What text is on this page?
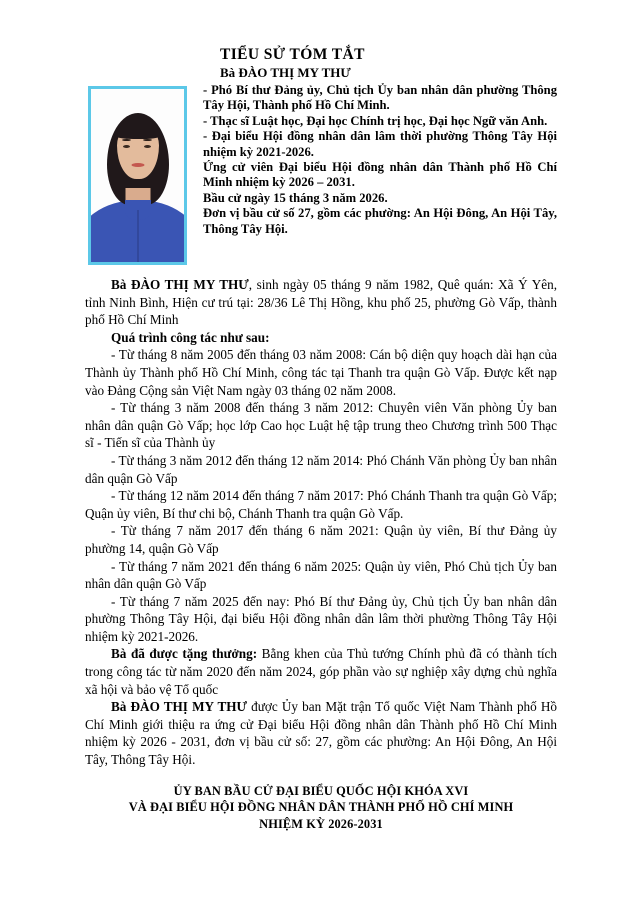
TIỂU SỬ TÓM TẮT
Bà ĐÀO THỊ MY THƯ

- Phó Bí thư Đảng ủy, Chủ tịch Ủy ban nhân dân phường Thông Tây Hội, Thành phố Hồ Chí Minh.

- Thạc sĩ Luật học, Đại học Chính trị học, Đại học Ngữ văn Anh.

- Đại biểu Hội đồng nhân dân lâm thời phường Thông Tây Hội nhiệm kỳ 2021-2026.

Ứng cử viên Đại biểu Hội đồng nhân dân Thành phố Hồ Chí Minh nhiệm kỳ 2026 – 2031.

Bầu cử ngày 15 tháng 3 năm 2026.

Đơn vị bầu cử số 27, gồm các phường: An Hội Đông, An Hội Tây, Thông Tây Hội.

Bà ĐÀO THỊ MY THƯ, sinh ngày 05 tháng 9 năm 1982, Quê quán: Xã Ý Yên, tỉnh Ninh Bình, Hiện cư trú tại: 28/36 Lê Thị Hồng, khu phố 25, phường Gò Vấp, thành phố Hồ Chí Minh

Quá trình công tác như sau:

- Từ tháng 8 năm 2005 đến tháng 03 năm 2008: Cán bộ diện quy hoạch dài hạn của Thành ủy Thành phố Hồ Chí Minh, công tác tại Thanh tra quận Gò Vấp. Được kết nạp vào Đảng Cộng sản Việt Nam ngày 03 tháng 02 năm 2008.

- Từ tháng 3 năm 2008 đến tháng 3 năm 2012: Chuyên viên Văn phòng Ủy ban nhân dân quận Gò Vấp; học lớp Cao học Luật hệ tập trung theo Chương trình 500 Thạc sĩ - Tiến sĩ của Thành ủy

- Từ tháng 3 năm 2012 đến tháng 12 năm 2014: Phó Chánh Văn phòng Ủy ban nhân dân quận Gò Vấp

- Từ tháng 12 năm 2014 đến tháng 7 năm 2017: Phó Chánh Thanh tra quận Gò Vấp; Quận ủy viên, Bí thư chi bộ, Chánh Thanh tra quận Gò Vấp.

- Từ tháng 7 năm 2017 đến tháng 6 năm 2021: Quận ủy viên, Bí thư Đảng ủy phường 14, quận Gò Vấp

- Từ tháng 7 năm 2021 đến tháng 6 năm 2025: Quận ủy viên, Phó Chủ tịch Ủy ban nhân dân quận Gò Vấp

- Từ tháng 7 năm 2025 đến nay: Phó Bí thư Đảng ủy, Chủ tịch Ủy ban nhân dân phường Thông Tây Hội, đại biểu Hội đồng nhân dân lâm thời phường Thông Tây Hội nhiệm kỳ 2021-2026.

Bà đã được tặng thưởng: Bằng khen của Thủ tướng Chính phủ đã có thành tích trong công tác từ năm 2020 đến năm 2024, góp phần vào sự nghiệp xây dựng chủ nghĩa xã hội và bảo vệ Tổ quốc

Bà ĐÀO THỊ MY THƯ được Ủy ban Mặt trận Tổ quốc Việt Nam Thành phố Hồ Chí Minh giới thiệu ra ứng cử Đại biểu Hội đồng nhân dân Thành phố Hồ Chí Minh nhiệm kỳ 2026 - 2031, đơn vị bầu cử số: 27, gồm các phường: An Hội Đông, An Hội Tây, Thông Tây Hội.

ỦY BAN BẦU CỬ ĐẠI BIỂU QUỐC HỘI KHÓA XVI
VÀ ĐẠI BIỂU HỘI ĐỒNG NHÂN DÂN THÀNH PHỐ HỒ CHÍ MINH
NHIỆM KỲ 2026-2031
